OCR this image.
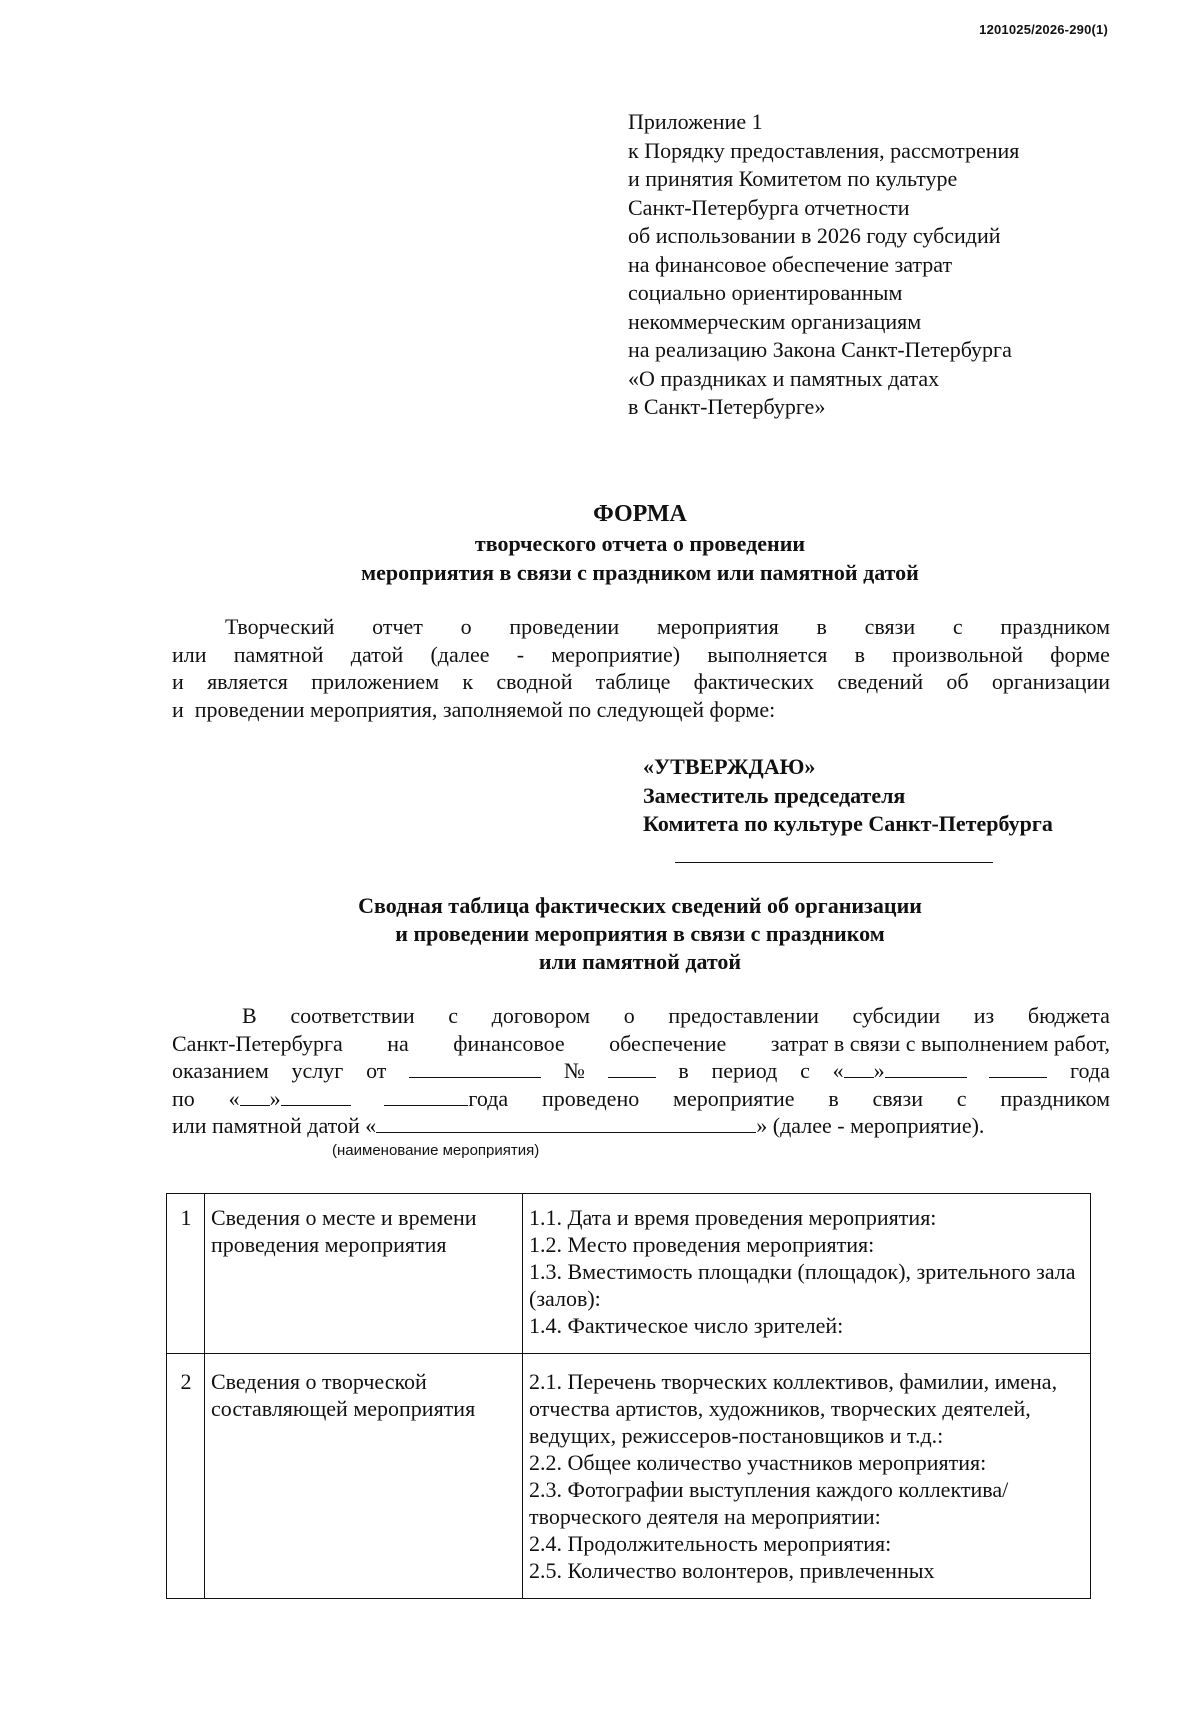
1201025/2026-290(1)
Приложение 1
к Порядку предоставления, рассмотрения
и принятия Комитетом по культуре
Санкт-Петербурга отчетности
об использовании в 2026 году субсидий
на финансовое обеспечение затрат
социально ориентированным
некоммерческим организациям
на реализацию Закона Санкт-Петербурга
«О праздниках и памятных датах
в Санкт-Петербурге»
ФОРМА
творческого отчета о проведении
мероприятия в связи с праздником или памятной датой
Творческий отчет о проведении мероприятия в связи с праздником
или памятной датой (далее - мероприятие) выполняется в произвольной форме
и является приложением к сводной таблице фактических сведений об организации
и  проведении мероприятия, заполняемой по следующей форме:
«УТВЕРЖДАЮ»
Заместитель председателя
Комитета по культуре Санкт-Петербурга
Сводная таблица фактических сведений об организации
и проведении мероприятия в связи с праздником
или памятной датой
В соответствии с договором о предоставлении субсидии из бюджета
Санкт-Петербурга на финансовое обеспечение затрат в связи с выполнением работ,
оказанием услуг от	№	в период с « »	года
по « »	года проведено мероприятие в связи с праздником
или памятной датой «	» (далее - мероприятие).
(наименование мероприятия)
1	Сведения о месте и времени проведения мероприятия	1.1. Дата и время проведения мероприятия:
1.2. Место проведения мероприятия:
1.3. Вместимость площадки (площадок), зрительного зала (залов):
1.4. Фактическое число зрителей:

2	Сведения о творческой составляющей мероприятия	2.1. Перечень творческих коллективов, фамилии, имена, отчества артистов, художников, творческих деятелей, ведущих, режиссеров-постановщиков и т.д.:
2.2. Общее количество участников мероприятия:
2.3. Фотографии выступления каждого коллектива/творческого деятеля на мероприятии:
2.4. Продолжительность мероприятия:
2.5. Количество волонтеров, привлеченных
